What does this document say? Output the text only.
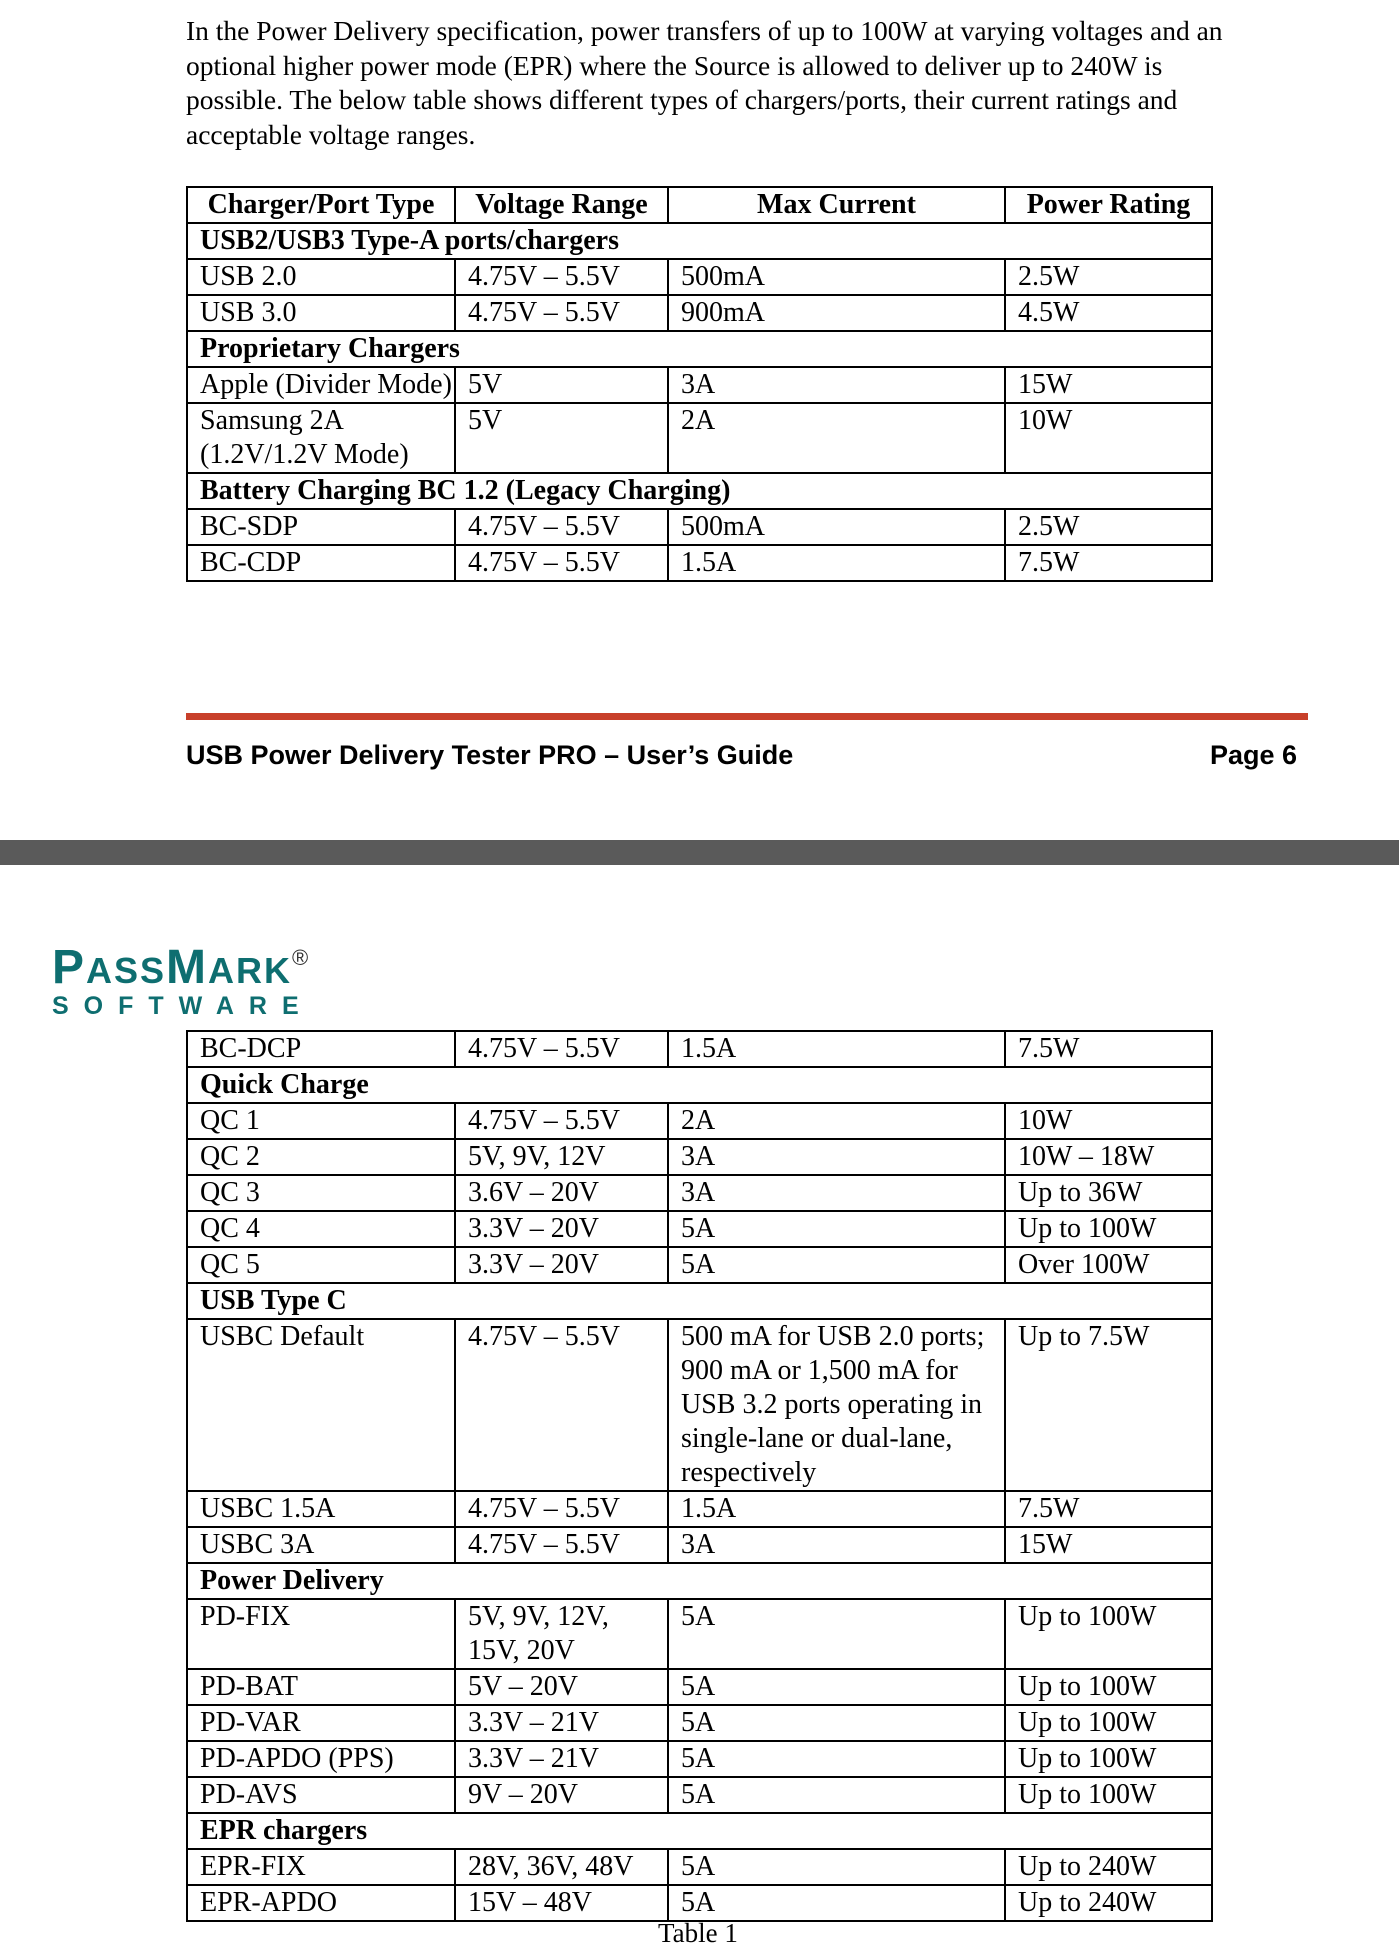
In the Power Delivery specification, power transfers of up to 100W at varying voltages and an optional higher power mode (EPR) where the Source is allowed to deliver up to 240W is possible. The below table shows different types of chargers/ports, their current ratings and acceptable voltage ranges.

Charger/Port Type	Voltage Range	Max Current	Power Rating
USB2/USB3 Type-A ports/chargers			
USB 2.0	4.75V – 5.5V	500mA	2.5W
USB 3.0	4.75V – 5.5V	900mA	4.5W
Proprietary Chargers			
Apple (Divider Mode)	5V	3A	15W
Samsung 2A (1.2V/1.2V Mode)	5V	2A	10W
Battery Charging BC 1.2 (Legacy Charging)			
BC-SDP	4.75V – 5.5V	500mA	2.5W
BC-CDP	4.75V – 5.5V	1.5A	7.5W
USB Power Delivery Tester PRO – User’s Guide	Page 6
PASSMARK®
SOFTWARE
BC-DCP	4.75V – 5.5V	1.5A	7.5W
Quick Charge			
QC 1	4.75V – 5.5V	2A	10W
QC 2	5V, 9V, 12V	3A	10W – 18W
QC 3	3.6V – 20V	3A	Up to 36W
QC 4	3.3V – 20V	5A	Up to 100W
QC 5	3.3V – 20V	5A	Over 100W
USB Type C			
USBC Default	4.75V – 5.5V	500 mA for USB 2.0 ports; 900 mA or 1,500 mA for USB 3.2 ports operating in single-lane or dual-lane, respectively	Up to 7.5W
USBC 1.5A	4.75V – 5.5V	1.5A	7.5W
USBC 3A	4.75V – 5.5V	3A	15W
Power Delivery			
PD-FIX	5V, 9V, 12V, 15V, 20V	5A	Up to 100W
PD-BAT	5V – 20V	5A	Up to 100W
PD-VAR	3.3V – 21V	5A	Up to 100W
PD-APDO (PPS)	3.3V – 21V	5A	Up to 100W
PD-AVS	9V – 20V	5A	Up to 100W
EPR chargers			
EPR-FIX	28V, 36V, 48V	5A	Up to 240W
EPR-APDO	15V – 48V	5A	Up to 240W
Table 1
